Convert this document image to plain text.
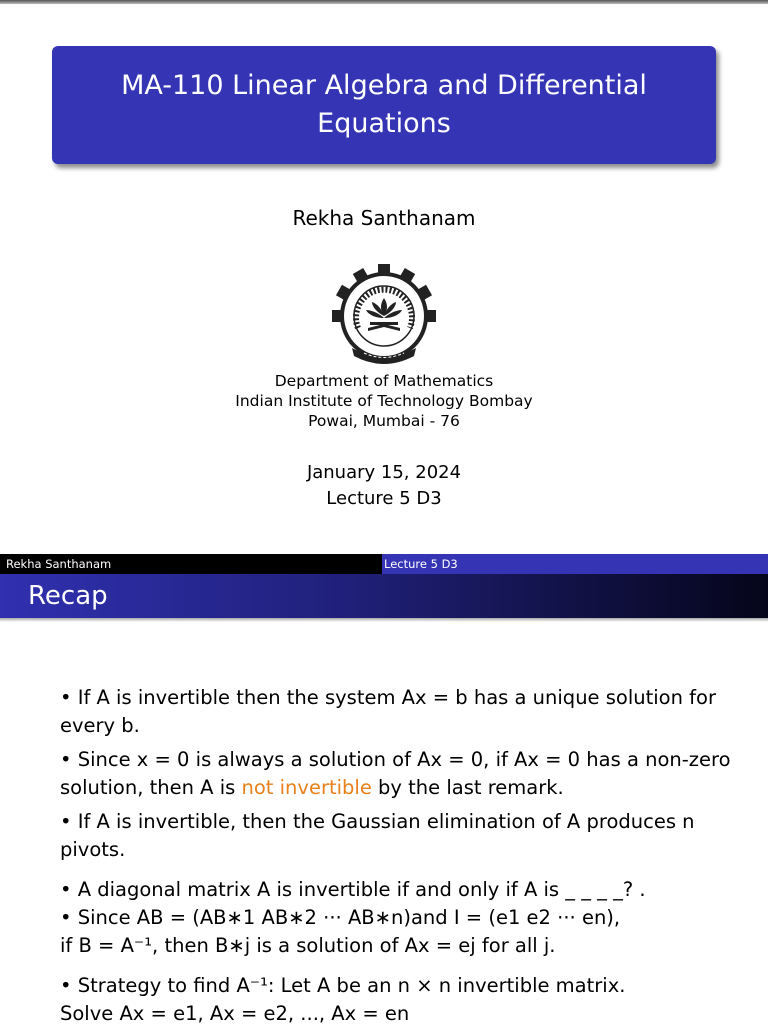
MA-110 Linear Algebra and Differential
Equations
Rekha Santhanam
Department of Mathematics
Indian Institute of Technology Bombay
Powai, Mumbai - 76
January 15, 2024
Lecture 5 D3
Rekha Santhanam	Lecture 5 D3
Recap

• If A is invertible then the system Ax = b has a unique solution for every b.

• Since x = 0 is always a solution of Ax = 0, if Ax = 0 has a non-zero solution, then A is not invertible by the last remark.

• If A is invertible, then the Gaussian elimination of A produces n pivots.

• A diagonal matrix A is invertible if and only if A is _ _ _ _? .

• Since AB = (AB∗1 AB∗2 ··· AB∗n)and I = (e1 e2 ··· en),

if B = A⁻¹, then B∗j is a solution of Ax = ej for all j.

• Strategy to find A⁻¹: Let A be an n × n invertible matrix.

Solve Ax = e1, Ax = e2, ..., Ax = en
